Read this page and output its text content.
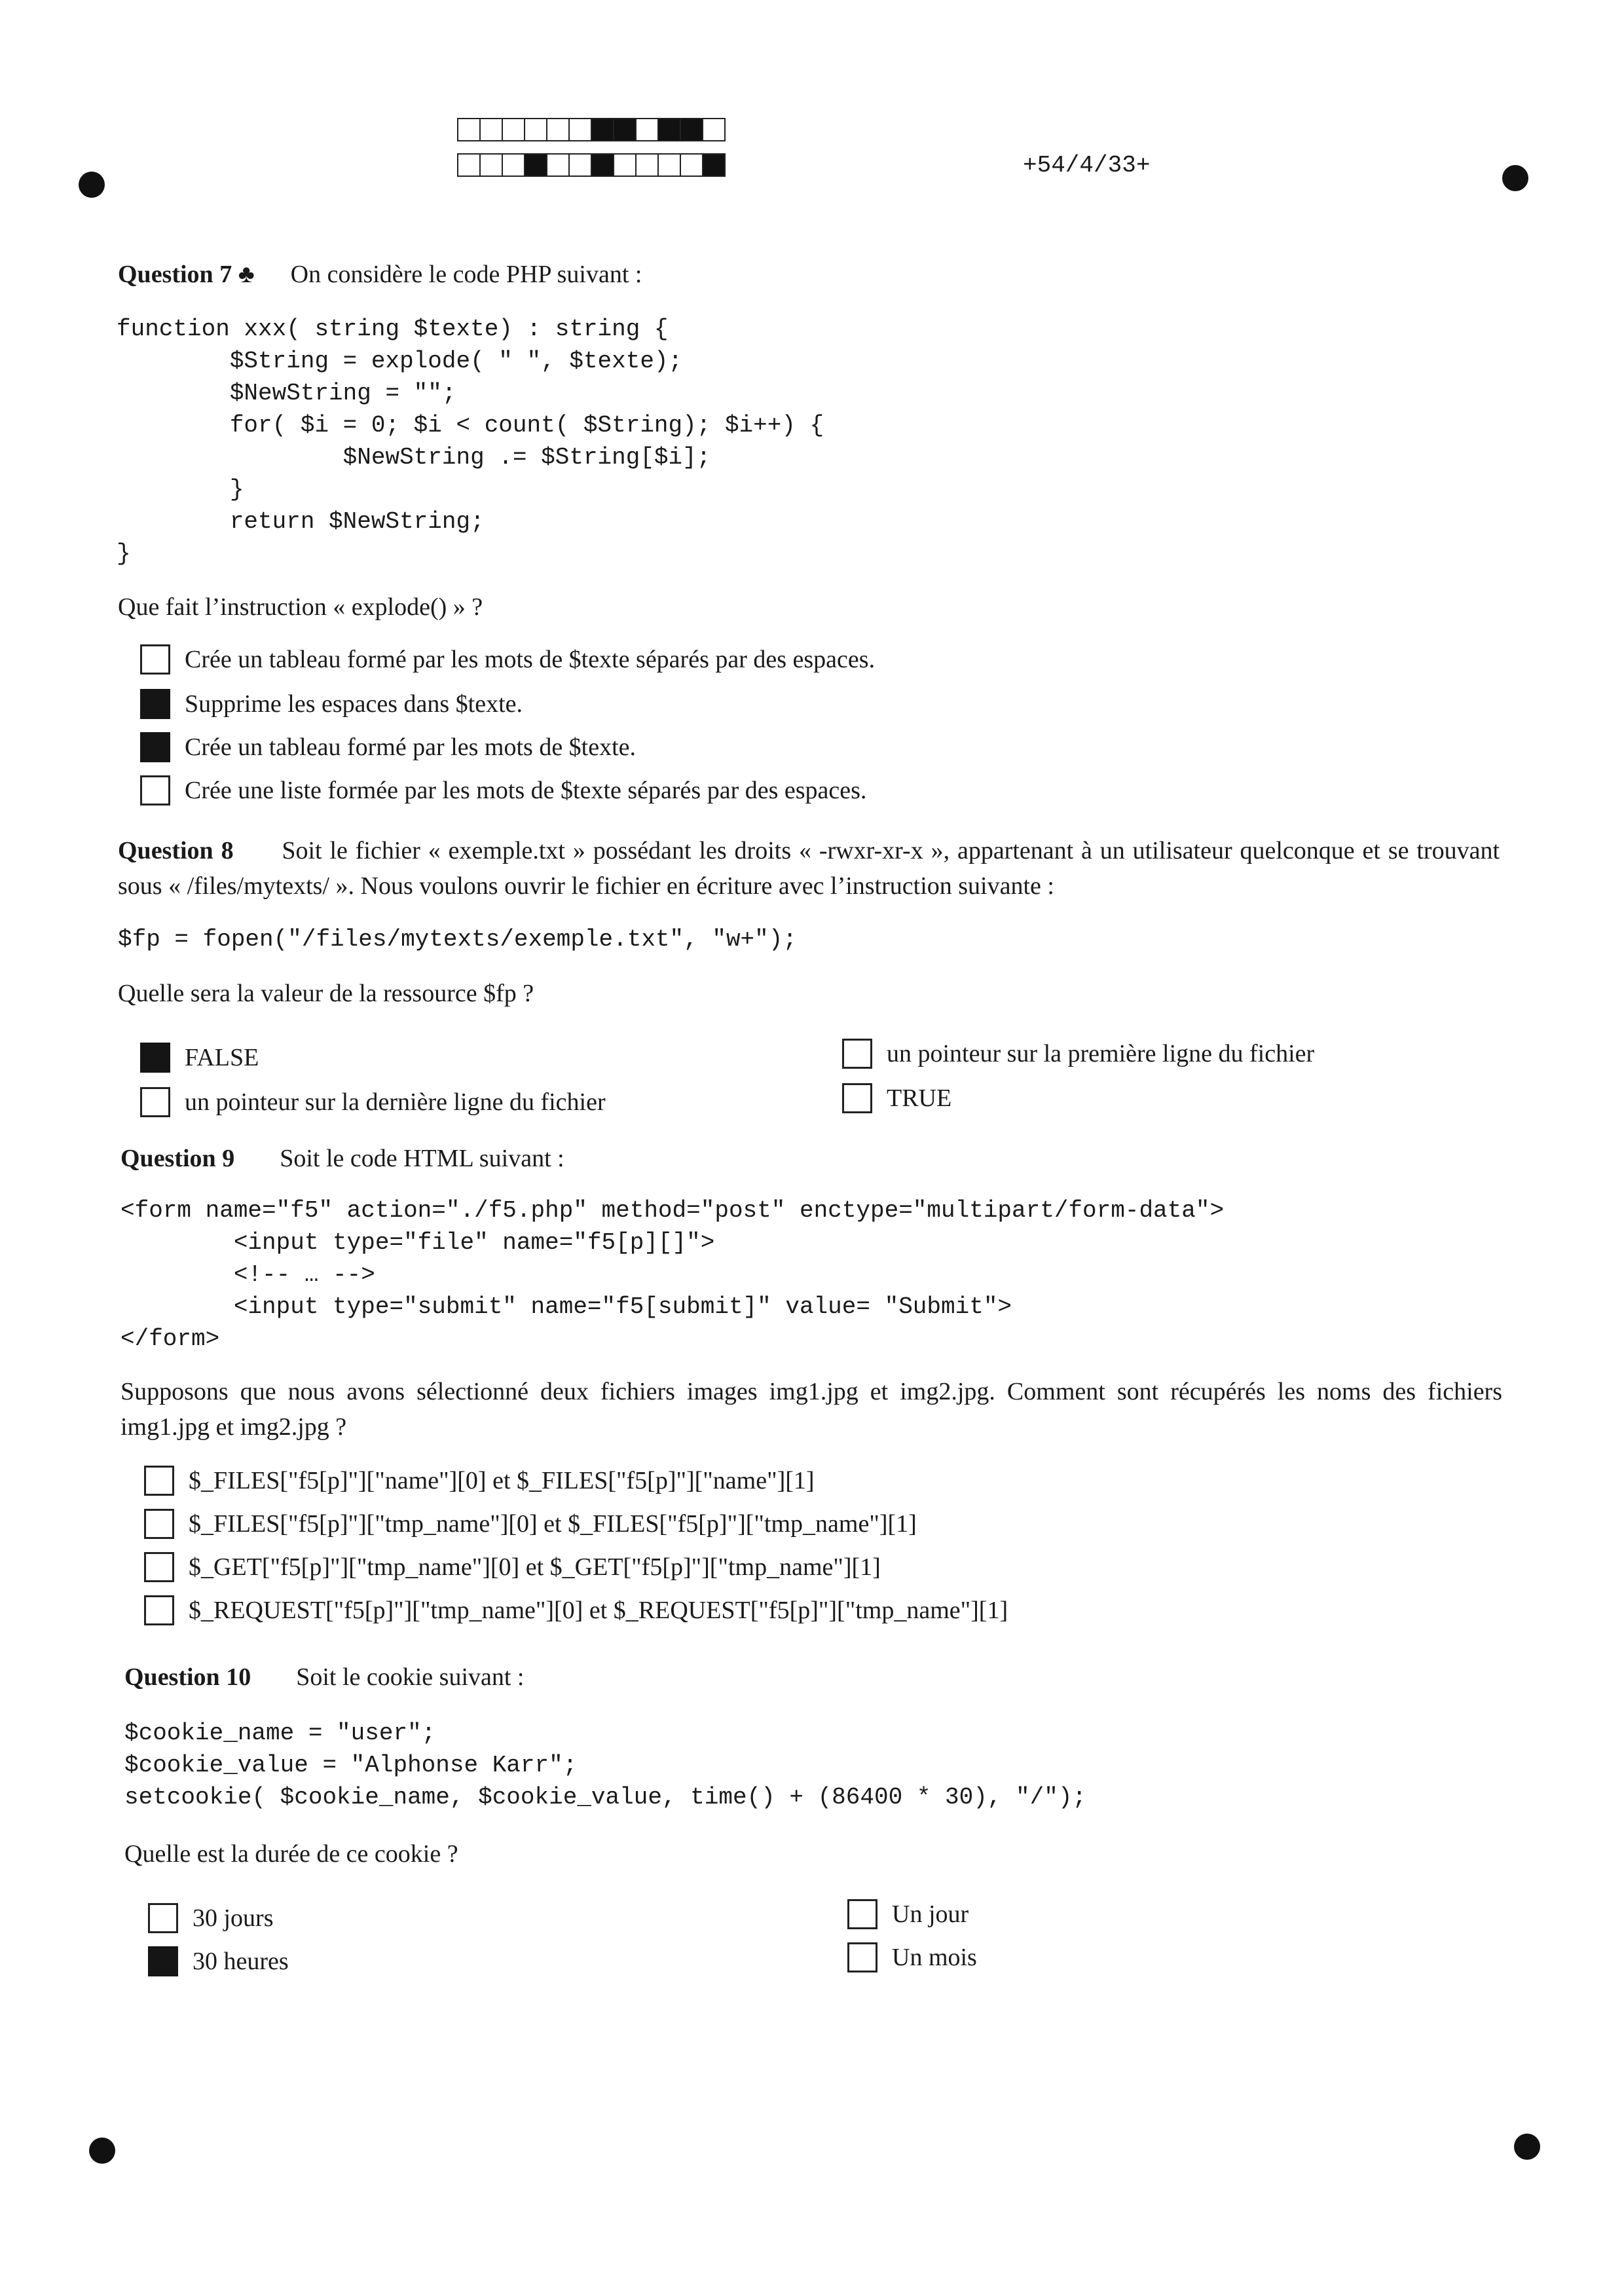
+54/4/33+
Question 7 ♣ On considère le code PHP suivant :
function xxx( string $texte) : string {
$String = explode( " ", $texte);
$NewString = "";
for( $i = 0; $i < count( $String); $i++) {
$NewString .= $String[$i];
}
return $NewString;
}
Que fait l’instruction « explode() » ?
Crée un tableau formé par les mots de $texte séparés par des espaces.
Supprime les espaces dans $texte.
Crée un tableau formé par les mots de $texte.
Crée une liste formée par les mots de $texte séparés par des espaces.
Question 8 Soit le fichier « exemple.txt » possédant les droits « -rwxr-xr-x », appartenant à un utilisateur quelconque et se trouvant sous « /files/mytexts/ ». Nous voulons ouvrir le fichier en écriture avec l’instruction suivante :
$fp = fopen("/files/mytexts/exemple.txt", "w+");
Quelle sera la valeur de la ressource $fp ?
FALSE
un pointeur sur la dernière ligne du fichier
un pointeur sur la première ligne du fichier
TRUE
Question 9 Soit le code HTML suivant :
<form name="f5" action="./f5.php" method="post" enctype="multipart/form-data">
<input type="file" name="f5[p][]">
<!-- … -->
<input type="submit" name="f5[submit]" value= "Submit">
</form>
Supposons que nous avons sélectionné deux fichiers images img1.jpg et img2.jpg. Comment sont récupérés les noms des fichiers img1.jpg et img2.jpg ?
$_FILES["f5[p]"]["name"][0] et $_FILES["f5[p]"]["name"][1]
$_FILES["f5[p]"]["tmp_name"][0] et $_FILES["f5[p]"]["tmp_name"][1]
$_GET["f5[p]"]["tmp_name"][0] et $_GET["f5[p]"]["tmp_name"][1]
$_REQUEST["f5[p]"]["tmp_name"][0] et $_REQUEST["f5[p]"]["tmp_name"][1]
Question 10 Soit le cookie suivant :
$cookie_name = "user";
$cookie_value = "Alphonse Karr";
setcookie( $cookie_name, $cookie_value, time() + (86400 * 30), "/");
Quelle est la durée de ce cookie ?
30 jours
30 heures
Un jour
Un mois
